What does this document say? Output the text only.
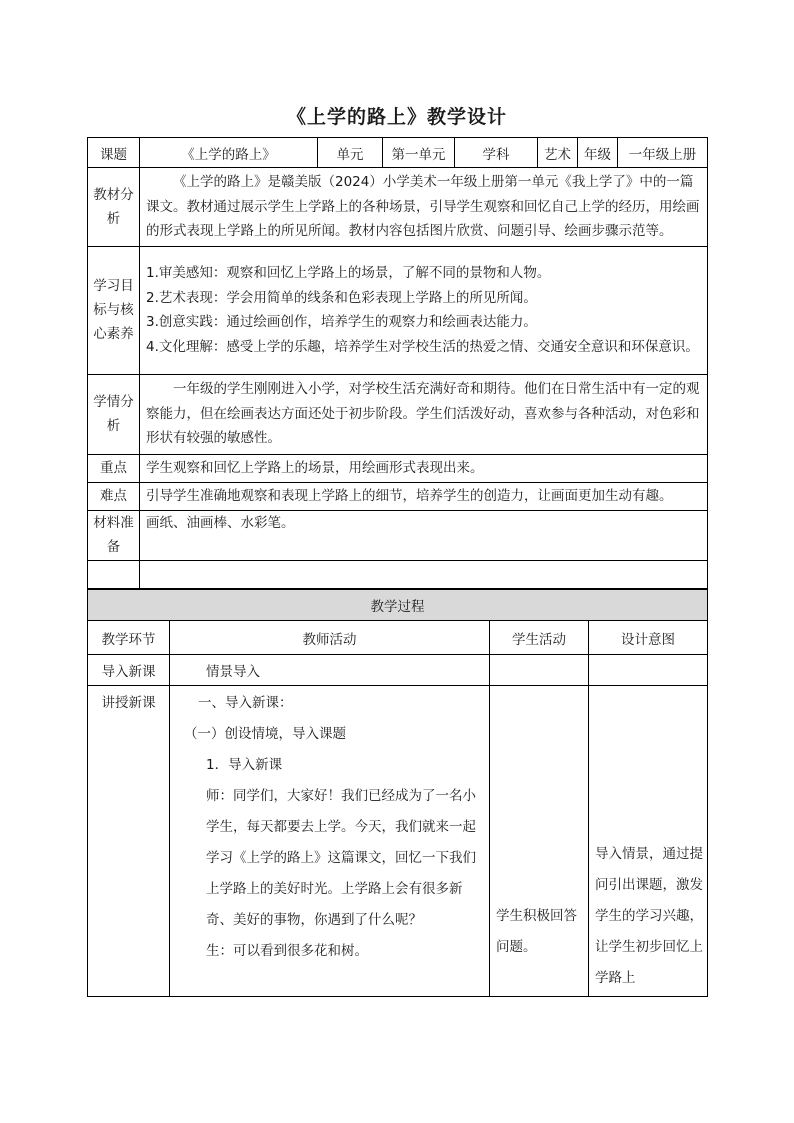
《上学的路上》教学设计
课题	《上学的路上》	单元	第一单元	学科	艺术	年级	一年级上册
教材分析	《上学的路上》是赣美版（2024）小学美术一年级上册第一单元《我上学了》中的一篇课文。教材通过展示学生上学路上的各种场景，引导学生观察和回忆自己上学的经历，用绘画的形式表现上学路上的所见所闻。教材内容包括图片欣赏、问题引导、绘画步骤示范等。						
学习目标与核心素养	1.审美感知：观察和回忆上学路上的场景，了解不同的景物和人物。
2.艺术表现：学会用简单的线条和色彩表现上学路上的所见所闻。
3.创意实践：通过绘画创作，培养学生的观察力和绘画表达能力。
4.文化理解：感受上学的乐趣，培养学生对学校生活的热爱之情、交通安全意识和环保意识。						

学情分析	一年级的学生刚刚进入小学，对学校生活充满好奇和期待。他们在日常生活中有一定的观察能力，但在绘画表达方面还处于初步阶段。学生们活泼好动，喜欢参与各种活动，对色彩和形状有较强的敏感性。						
重点	学生观察和回忆上学路上的场景，用绘画形式表现出来。						
难点	引导学生准确地观察和表现上学路上的细节，培养学生的创造力，让画面更加生动有趣。						
材料准备	画纸、油画棒、水彩笔。						

教学过程			
教学环节	教师活动	学生活动	设计意图
导入新课	情景导入		

讲授新课	一、导入新课：
（一）创设情境，导入课题
1．导入新课
师：同学们，大家好！我们已经成为了一名小学生，每天都要去上学。今天，我们就来一起学习《上学的路上》这篇课文，回忆一下我们上学路上的美好时光。上学路上会有很多新奇、美好的事物，你遇到了什么呢？
生：可以看到很多花和树。	学生积极回答问题。	导入情景，通过提问引出课题，激发学生的学习兴趣，让学生初步回忆上学路上
